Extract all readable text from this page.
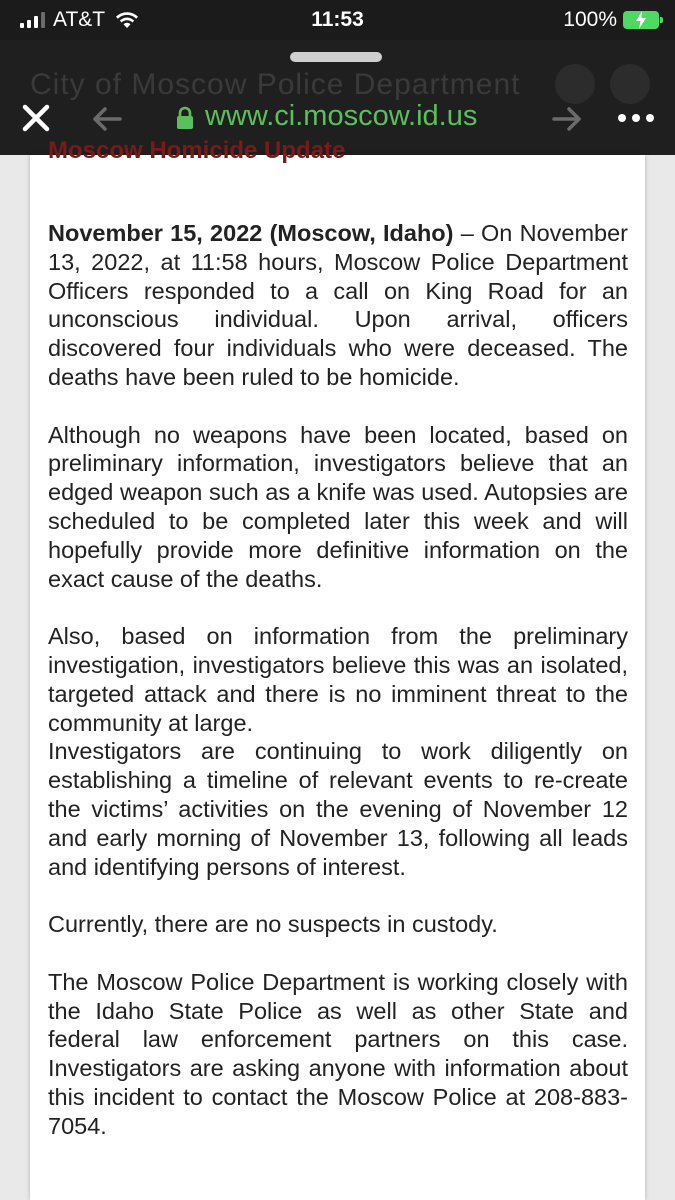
AT&T	11:53	100%
City of Moscow Police Department
www.ci.moscow.id.us
Moscow Homicide Update

November 15, 2022 (Moscow, Idaho) – On November 13, 2022, at 11:58 hours, Moscow Police Department Officers responded to a call on King Road for an unconscious individual. Upon arrival, officers discovered four individuals who were deceased. The deaths have been ruled to be homicide.

Although no weapons have been located, based on preliminary information, investigators believe that an edged weapon such as a knife was used. Autopsies are scheduled to be completed later this week and will hopefully provide more definitive information on the exact cause of the deaths.

Also, based on information from the preliminary investigation, investigators believe this was an isolated, targeted attack and there is no imminent threat to the community at large.

Investigators are continuing to work diligently on establishing a timeline of relevant events to re-create the victims’ activities on the evening of November 12 and early morning of November 13, following all leads and identifying persons of interest.

Currently, there are no suspects in custody.

The Moscow Police Department is working closely with the Idaho State Police as well as other State and federal law enforcement partners on this case. Investigators are asking anyone with information about this incident to contact the Moscow Police at 208-883-7054.
